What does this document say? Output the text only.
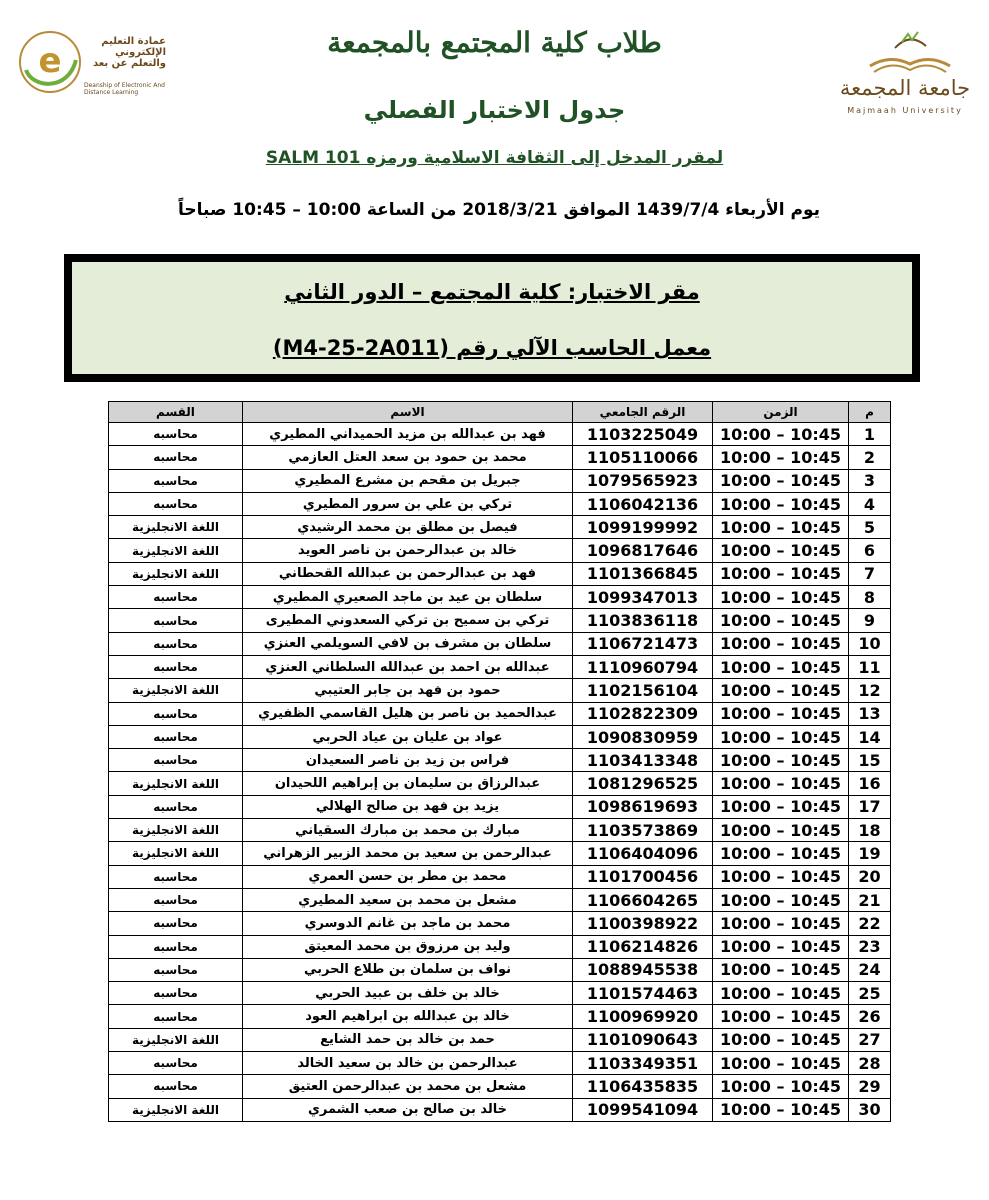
e	عمادة التعليم الإلكتروني والتعلم عن بعد
Deanship of Electronic And Distance Learning	جامعة المجمعة
Majmaah University
طلاب كلية المجتمع بالمجمعة
جدول الاختبار الفصلي
لمقرر المدخل إلى الثقافة الاسلامية ورمزه SALM 101
يوم الأربعاء 1439/7/4 الموافق 2018/3/21 من الساعة 10:00 – 10:45 صباحاً
مقر الاختبار: كلية المجتمع – الدور الثاني
معمل الحاسب الآلي رقم (M4-25-2A011)
م	الزمن	الرقم الجامعي	الاسم	القسم
1	10:00 – 10:45	1103225049	فهد بن عبدالله بن مزيد الحميداني المطيري	محاسبه
2	10:00 – 10:45	1105110066	محمد بن حمود بن سعد العتل العازمي	محاسبه
3	10:00 – 10:45	1079565923	جبريل بن مقحم بن مشرع المطيري	محاسبه
4	10:00 – 10:45	1106042136	تركي بن علي بن سرور المطيري	محاسبه
5	10:00 – 10:45	1099199992	فيصل بن مطلق بن محمد الرشيدي	اللغة الانجليزية
6	10:00 – 10:45	1096817646	خالد بن عبدالرحمن بن ناصر العويد	اللغة الانجليزية
7	10:00 – 10:45	1101366845	فهد بن عبدالرحمن بن عبدالله القحطاني	اللغة الانجليزية
8	10:00 – 10:45	1099347013	سلطان بن عيد بن ماجد الصعيري المطيري	محاسبه
9	10:00 – 10:45	1103836118	تركي بن سميح بن تركي السعدوني المطيرى	محاسبه
10	10:00 – 10:45	1106721473	سلطان بن مشرف بن لافي السويلمي العنزي	محاسبه
11	10:00 – 10:45	1110960794	عبدالله بن احمد بن عبدالله السلطاني العنزي	محاسبه
12	10:00 – 10:45	1102156104	حمود بن فهد بن جابر العتيبي	اللغة الانجليزية
13	10:00 – 10:45	1102822309	عبدالحميد بن ناصر بن هليل القاسمي الظفيري	محاسبه
14	10:00 – 10:45	1090830959	عواد بن عليان بن عياد الحربي	محاسبه
15	10:00 – 10:45	1103413348	فراس بن زيد بن ناصر السعيدان	محاسبه
16	10:00 – 10:45	1081296525	عبدالرزاق بن سليمان بن إبراهيم اللحيدان	اللغة الانجليزية
17	10:00 – 10:45	1098619693	يزيد بن فهد بن صالح الهلالي	محاسبه
18	10:00 – 10:45	1103573869	مبارك بن محمد بن مبارك السقياني	اللغة الانجليزية
19	10:00 – 10:45	1106404096	عبدالرحمن بن سعيد بن محمد الزبير الزهراني	اللغة الانجليزية
20	10:00 – 10:45	1101700456	محمد بن مطر بن حسن العمري	محاسبه
21	10:00 – 10:45	1106604265	مشعل بن محمد بن سعيد المطيري	محاسبه
22	10:00 – 10:45	1100398922	محمد بن ماجد بن غانم الدوسري	محاسبه
23	10:00 – 10:45	1106214826	وليد بن مرزوق بن محمد المعيتق	محاسبه
24	10:00 – 10:45	1088945538	نواف بن سلمان بن طلاع الحربي	محاسبه
25	10:00 – 10:45	1101574463	خالد بن خلف بن عبيد الحربي	محاسبه
26	10:00 – 10:45	1100969920	خالد بن عبدالله بن ابراهيم العود	محاسبه
27	10:00 – 10:45	1101090643	حمد بن خالد بن حمد الشايع	اللغة الانجليزية
28	10:00 – 10:45	1103349351	عبدالرحمن بن خالد بن سعيد الخالد	محاسبه
29	10:00 – 10:45	1106435835	مشعل بن محمد بن عبدالرحمن العتيق	محاسبه
30	10:00 – 10:45	1099541094	خالد بن صالح بن صعب الشمري	اللغة الانجليزية
